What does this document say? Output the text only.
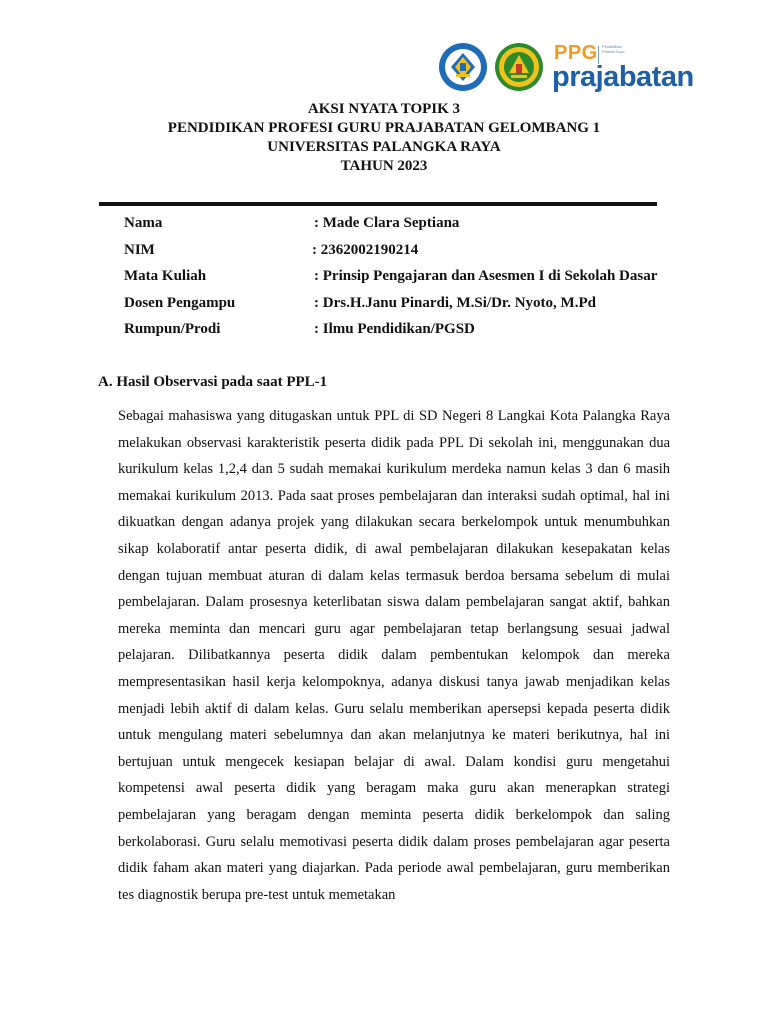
PPG Pendidikan Profesi Guru
prajabatan
AKSI NYATA TOPIK 3
PENDIDIKAN PROFESI GURU PRAJABATAN GELOMBANG 1
UNIVERSITAS PALANGKA RAYA
TAHUN 2023
Nama	: Made Clara Septiana
NIM	: 2362002190214
Mata Kuliah	: Prinsip Pengajaran dan Asesmen I di Sekolah Dasar
Dosen Pengampu	: Drs.H.Janu Pinardi, M.Si/Dr. Nyoto, M.Pd
Rumpun/Prodi	: Ilmu Pendidikan/PGSD
A. Hasil Observasi pada saat PPL-1
Sebagai mahasiswa yang ditugaskan untuk PPL di SD Negeri 8 Langkai Kota Palangka Raya melakukan observasi karakteristik peserta didik pada PPL Di sekolah ini, menggunakan dua kurikulum kelas 1,2,4 dan 5 sudah memakai kurikulum merdeka namun kelas 3 dan 6 masih memakai kurikulum 2013. Pada saat proses pembelajaran dan interaksi sudah optimal, hal ini dikuatkan dengan adanya projek yang dilakukan secara berkelompok untuk menumbuhkan sikap kolaboratif antar peserta didik, di awal pembelajaran dilakukan kesepakatan kelas dengan tujuan membuat aturan di dalam kelas termasuk berdoa bersama sebelum di mulai pembelajaran. Dalam prosesnya keterlibatan siswa dalam pembelajaran sangat aktif, bahkan mereka meminta dan mencari guru agar pembelajaran tetap berlangsung sesuai jadwal pelajaran. Dilibatkannya peserta didik dalam pembentukan kelompok dan mereka mempresentasikan hasil kerja kelompoknya, adanya diskusi tanya jawab menjadikan kelas menjadi lebih aktif di dalam kelas. Guru selalu memberikan apersepsi kepada peserta didik untuk mengulang materi sebelumnya dan akan melanjutnya ke materi berikutnya, hal ini bertujuan untuk mengecek kesiapan belajar di awal. Dalam kondisi guru mengetahui kompetensi awal peserta didik yang beragam maka guru akan menerapkan strategi pembelajaran yang beragam dengan meminta peserta didik berkelompok dan saling berkolaborasi. Guru selalu memotivasi peserta didik dalam proses pembelajaran agar peserta didik faham akan materi yang diajarkan. Pada periode awal pembelajaran, guru memberikan tes diagnostik berupa pre-test untuk memetakan
